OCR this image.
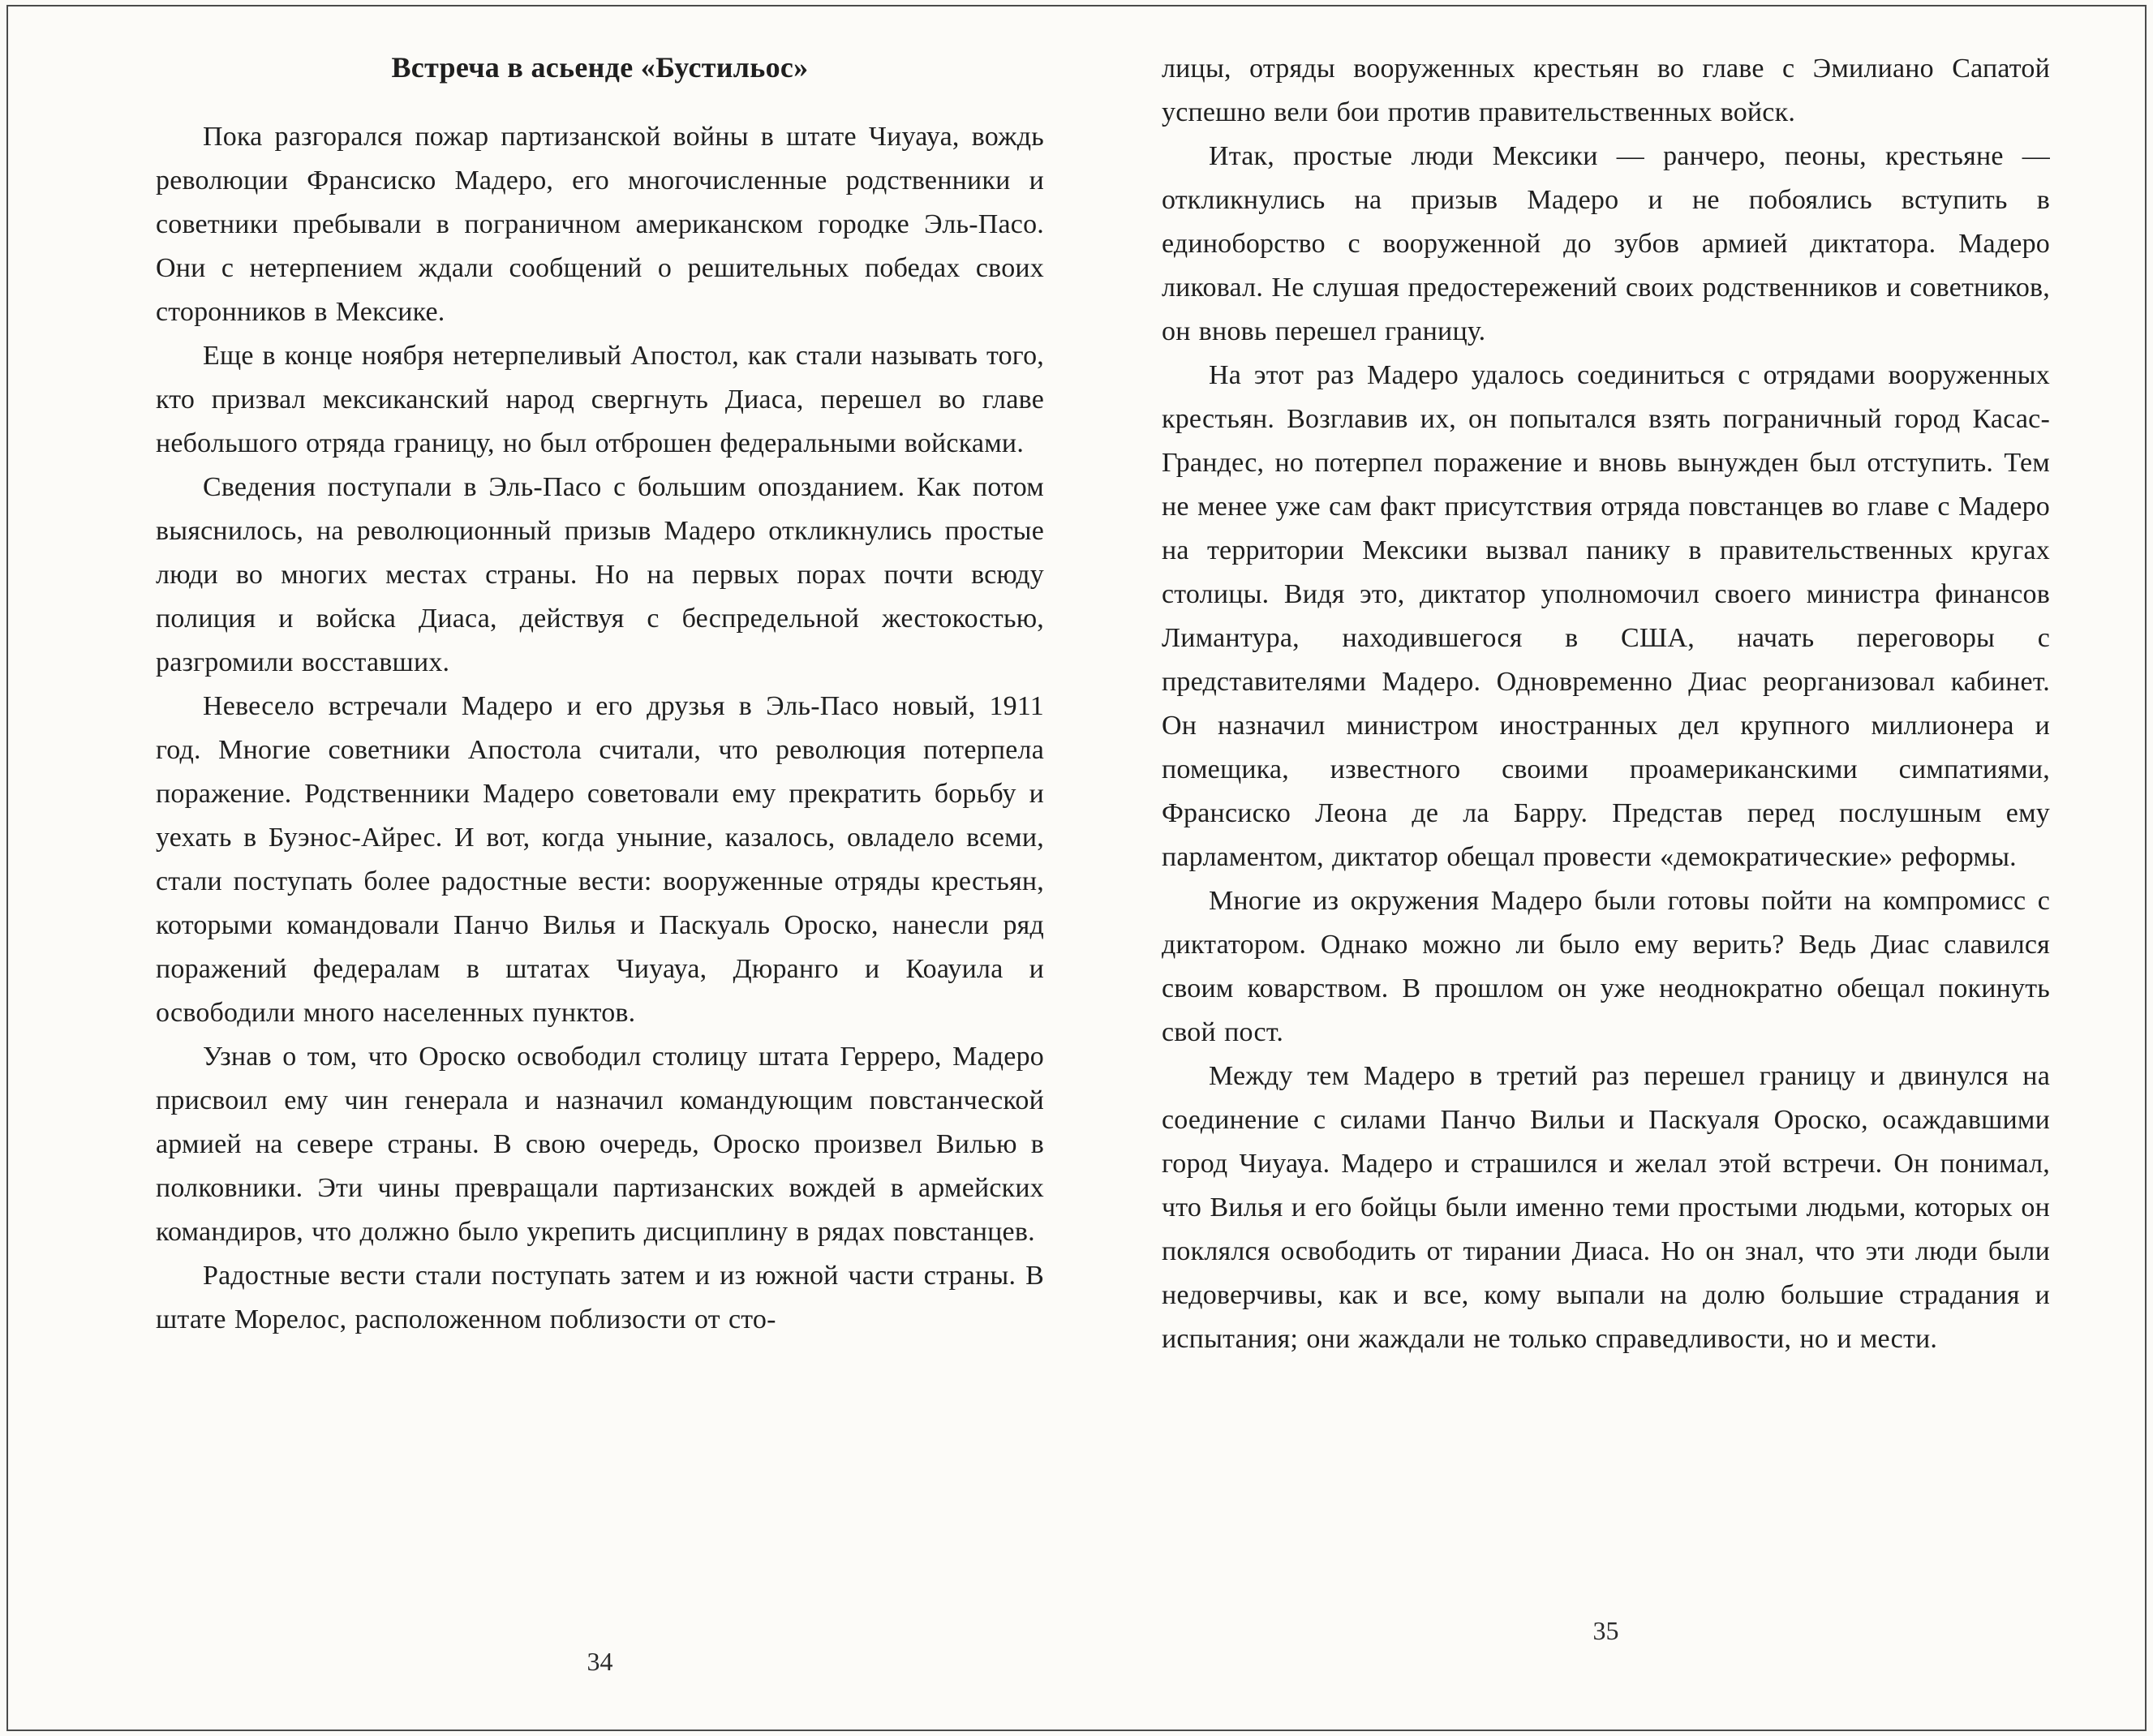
Встреча в асьенде «Бустильос»

Пока разгорался пожар партизанской войны в штате Чиуауа, вождь революции Франсиско Мадеро, его многочисленные родственники и советники пребывали в пограничном американском городке Эль-Пасо. Они с нетерпением ждали сообщений о решительных победах своих сторонников в Мексике.

Еще в конце ноября нетерпеливый Апостол, как стали называть того, кто призвал мексиканский народ свергнуть Диаса, перешел во главе небольшого отряда границу, но был отброшен федеральными войсками.

Сведения поступали в Эль-Пасо с большим опозданием. Как потом выяснилось, на революционный призыв Мадеро откликнулись простые люди во многих местах страны. Но на первых порах почти всюду полиция и войска Диаса, действуя с беспредельной жестокостью, разгромили восставших.

Невесело встречали Мадеро и его друзья в Эль-Пасо новый, 1911 год. Многие советники Апостола считали, что революция потерпела поражение. Родственники Мадеро советовали ему прекратить борьбу и уехать в Буэнос-Айрес. И вот, когда уныние, казалось, овладело всеми, стали поступать более радостные вести: вооруженные отряды крестьян, которыми командовали Панчо Вилья и Паскуаль Ороско, нанесли ряд поражений федералам в штатах Чиуауа, Дюранго и Коауила и освободили много населенных пунктов.

Узнав о том, что Ороско освободил столицу штата Герреро, Мадеро присвоил ему чин генерала и назначил командующим повстанческой армией на севере страны. В свою очередь, Ороско произвел Вилью в полковники. Эти чины превращали партизанских вождей в армейских командиров, что должно было укрепить дисциплину в рядах повстанцев.

Радостные вести стали поступать затем и из южной части страны. В штате Морелос, расположенном поблизости от сто-

лицы, отряды вооруженных крестьян во главе с Эмилиано Сапатой успешно вели бои против правительственных войск.

Итак, простые люди Мексики — ранчеро, пеоны, крестьяне — откликнулись на призыв Мадеро и не побоялись вступить в единоборство с вооруженной до зубов армией диктатора. Мадеро ликовал. Не слушая предостережений своих родственников и советников, он вновь перешел границу.

На этот раз Мадеро удалось соединиться с отрядами вооруженных крестьян. Возглавив их, он попытался взять пограничный город Касас-Грандес, но потерпел поражение и вновь вынужден был отступить. Тем не менее уже сам факт присутствия отряда повстанцев во главе с Мадеро на территории Мексики вызвал панику в правительственных кругах столицы. Видя это, диктатор уполномочил своего министра финансов Лимантура, находившегося в США, начать переговоры с представителями Мадеро. Одновременно Диас реорганизовал кабинет. Он назначил министром иностранных дел крупного миллионера и помещика, известного своими проамериканскими симпатиями, Франсиско Леона де ла Барру. Представ перед послушным ему парламентом, диктатор обещал провести «демократические» реформы.

Многие из окружения Мадеро были готовы пойти на компромисс с диктатором. Однако можно ли было ему верить? Ведь Диас славился своим коварством. В прошлом он уже неоднократно обещал покинуть свой пост.

Между тем Мадеро в третий раз перешел границу и двинулся на соединение с силами Панчо Вильи и Паскуаля Ороско, осаждавшими город Чиуауа. Мадеро и страшился и желал этой встречи. Он понимал, что Вилья и его бойцы были именно теми простыми людьми, которых он поклялся освободить от тирании Диаса. Но он знал, что эти люди были недоверчивы, как и все, кому выпали на долю большие страдания и испытания; они жаждали не только справедливости, но и мести.

34
35
